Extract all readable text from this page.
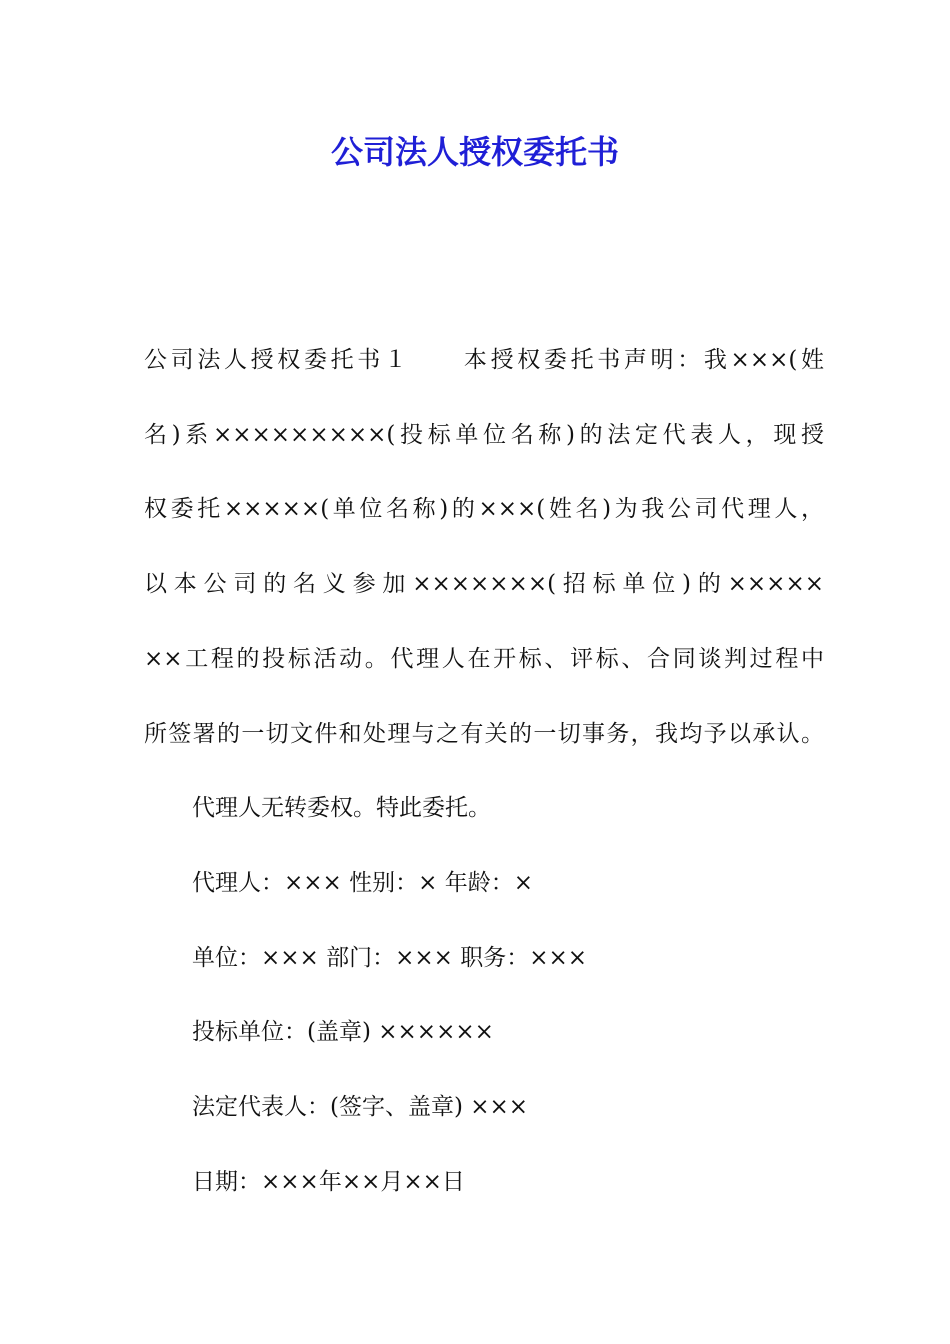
公司法人授权委托书

公司法人授权委托书１　　本授权委托书声明：我×××(姓

名)系×××××××××(投标单位名称)的法定代表人，现授

权委托×××××(单位名称)的×××(姓名)为我公司代理人，

以本公司的名义参加×××××××(招标单位)的×××××

××工程的投标活动。代理人在开标、评标、合同谈判过程中

所签署的一切文件和处理与之有关的一切事务，我均予以承认。

代理人无转委权。特此委托。

代理人：××× 性别：× 年龄：×

单位：××× 部门：××× 职务：×××

投标单位：(盖章) ××××××

法定代表人：(签字、盖章) ×××

日期：×××年××月××日
